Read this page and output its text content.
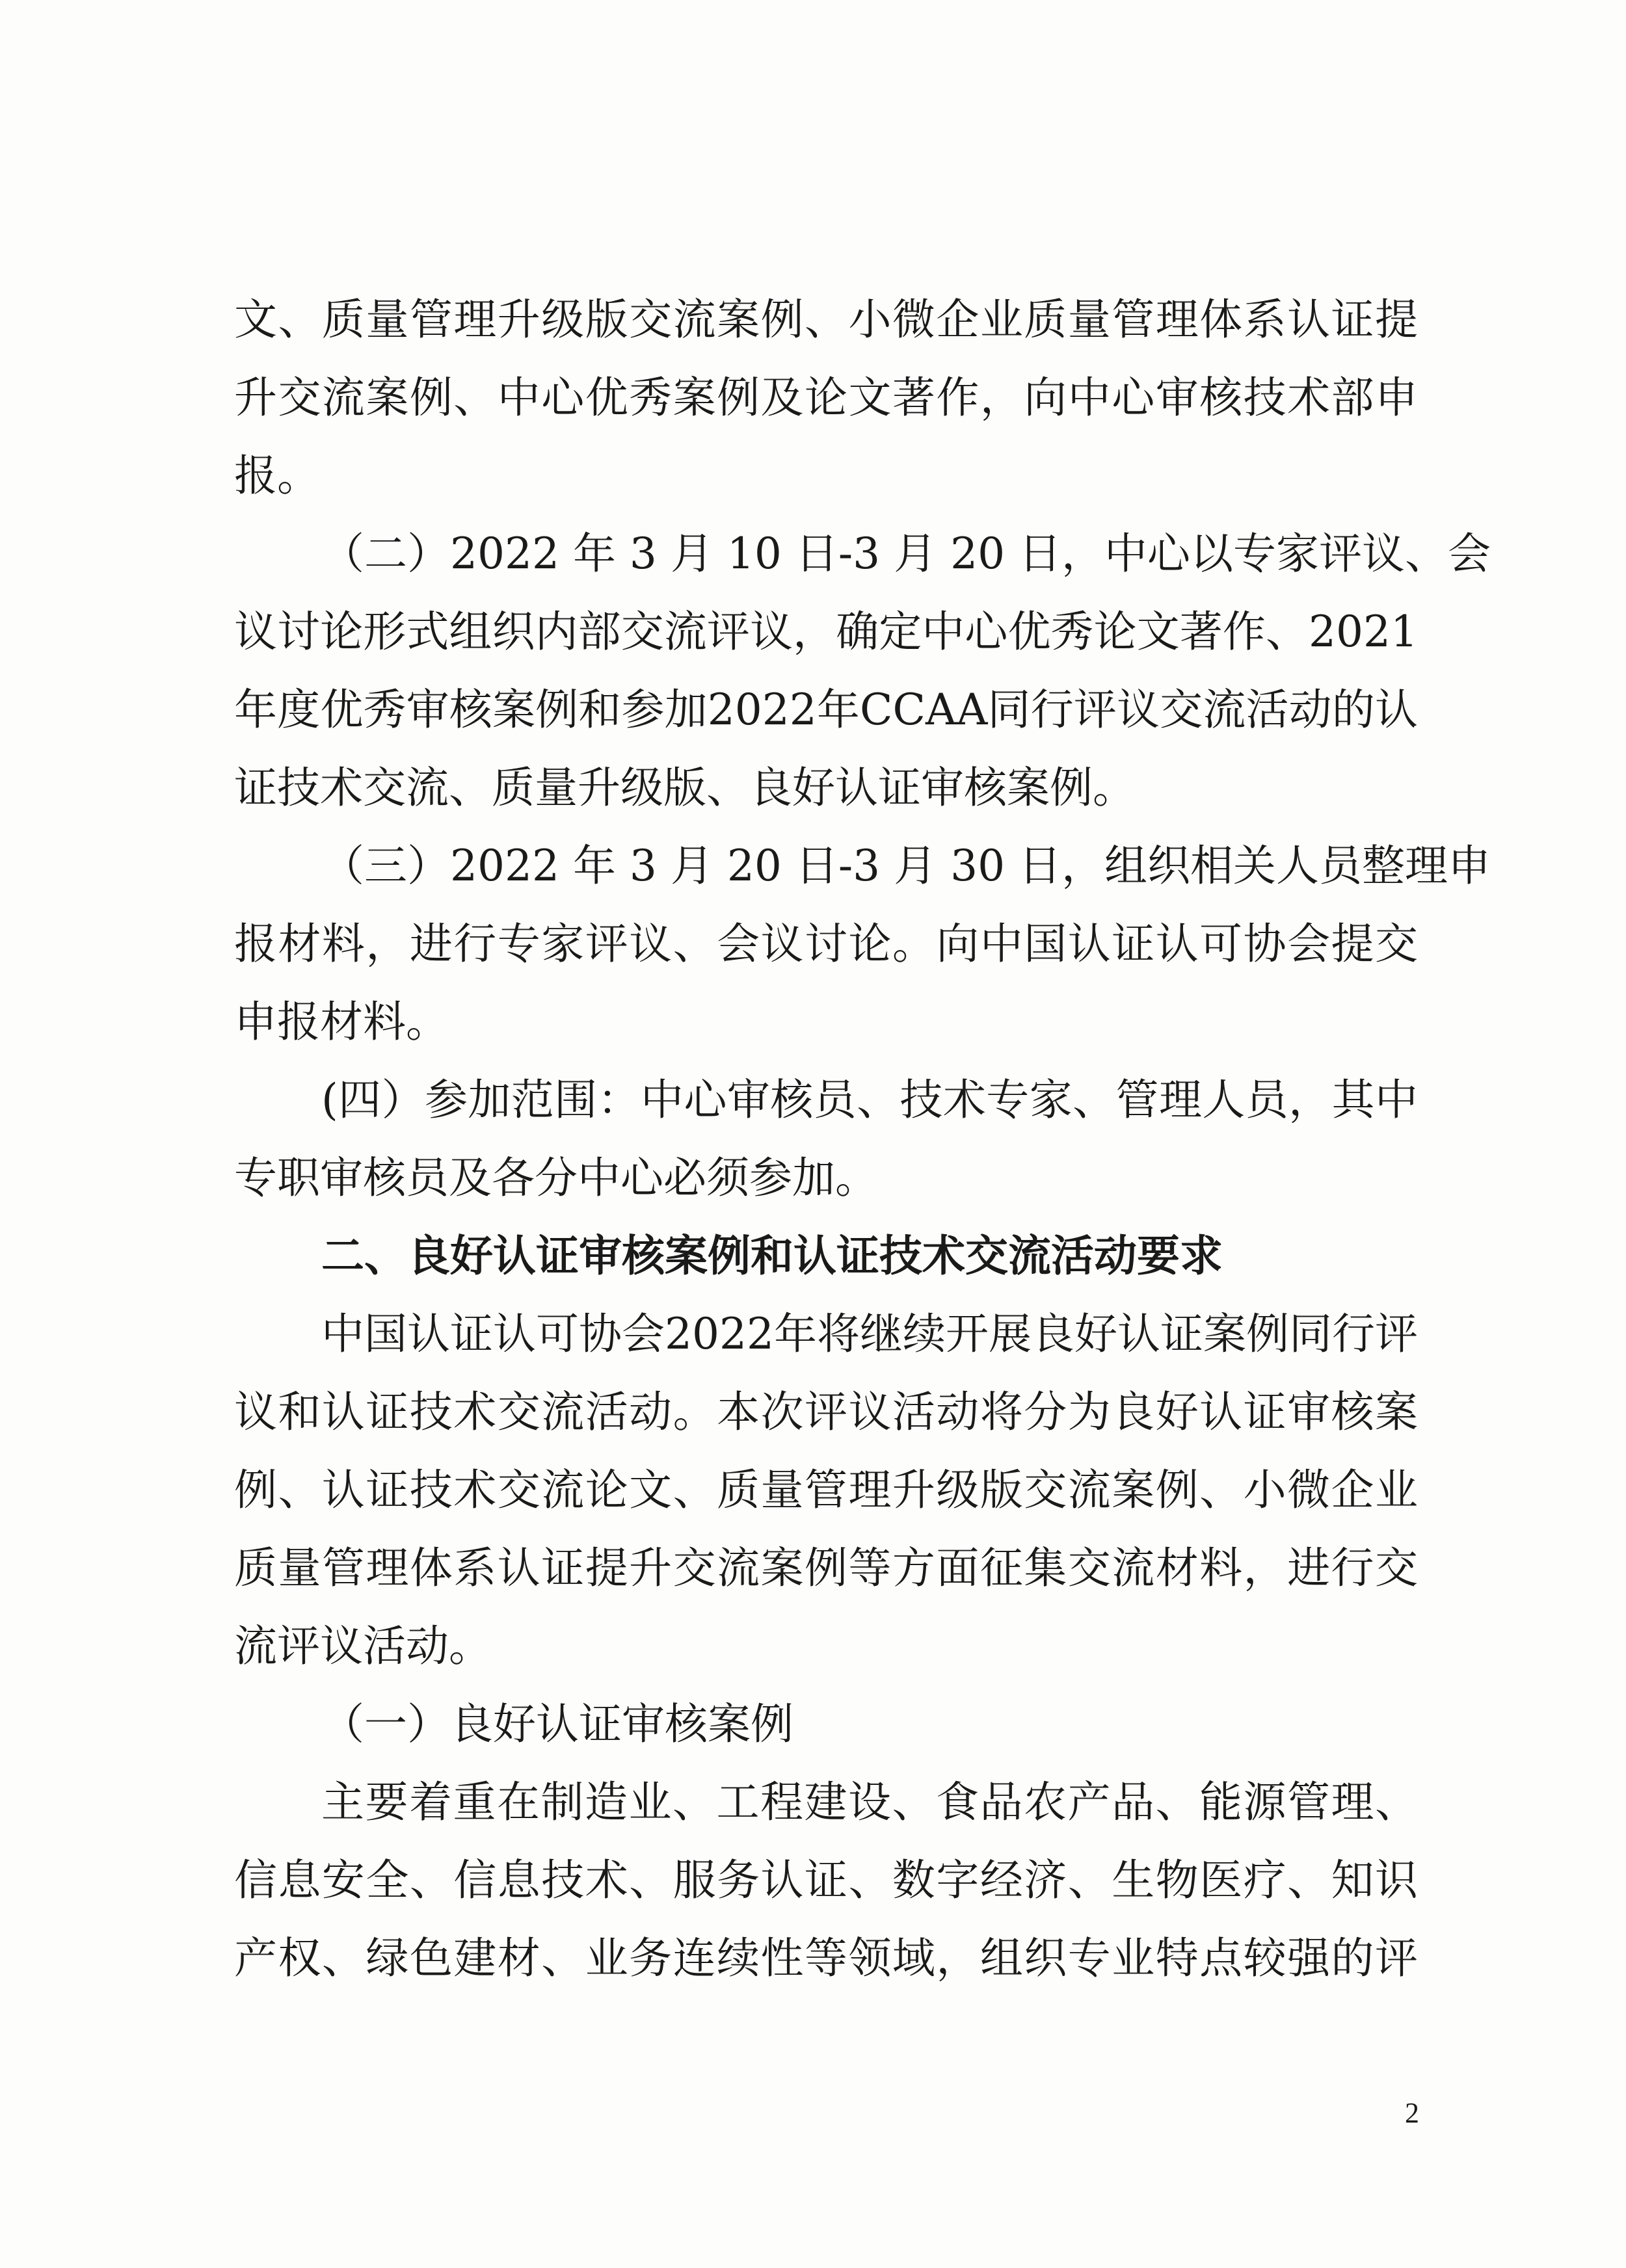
文、质量管理升级版交流案例、小微企业质量管理体系认证提
升交流案例、中心优秀案例及论文著作，向中心审核技术部申
报。
（二）2022 年 3 月 10 日-3 月 20 日，中心以专家评议、会
议讨论形式组织内部交流评议，确定中心优秀论文著作、2021
年度优秀审核案例和参加2022年CCAA同行评议交流活动的认
证技术交流、质量升级版、良好认证审核案例。
（三）2022 年 3 月 20 日-3 月 30 日，组织相关人员整理申
报材料，进行专家评议、会议讨论。向中国认证认可协会提交
申报材料。
(四）参加范围：中心审核员、技术专家、管理人员，其中
专职审核员及各分中心必须参加。
二、良好认证审核案例和认证技术交流活动要求
中国认证认可协会2022年将继续开展良好认证案例同行评
议和认证技术交流活动。本次评议活动将分为良好认证审核案
例、认证技术交流论文、质量管理升级版交流案例、小微企业
质量管理体系认证提升交流案例等方面征集交流材料，进行交
流评议活动。
（一）良好认证审核案例
主要着重在制造业、工程建设、食品农产品、能源管理、
信息安全、信息技术、服务认证、数字经济、生物医疗、知识
产权、绿色建材、业务连续性等领域，组织专业特点较强的评
2
